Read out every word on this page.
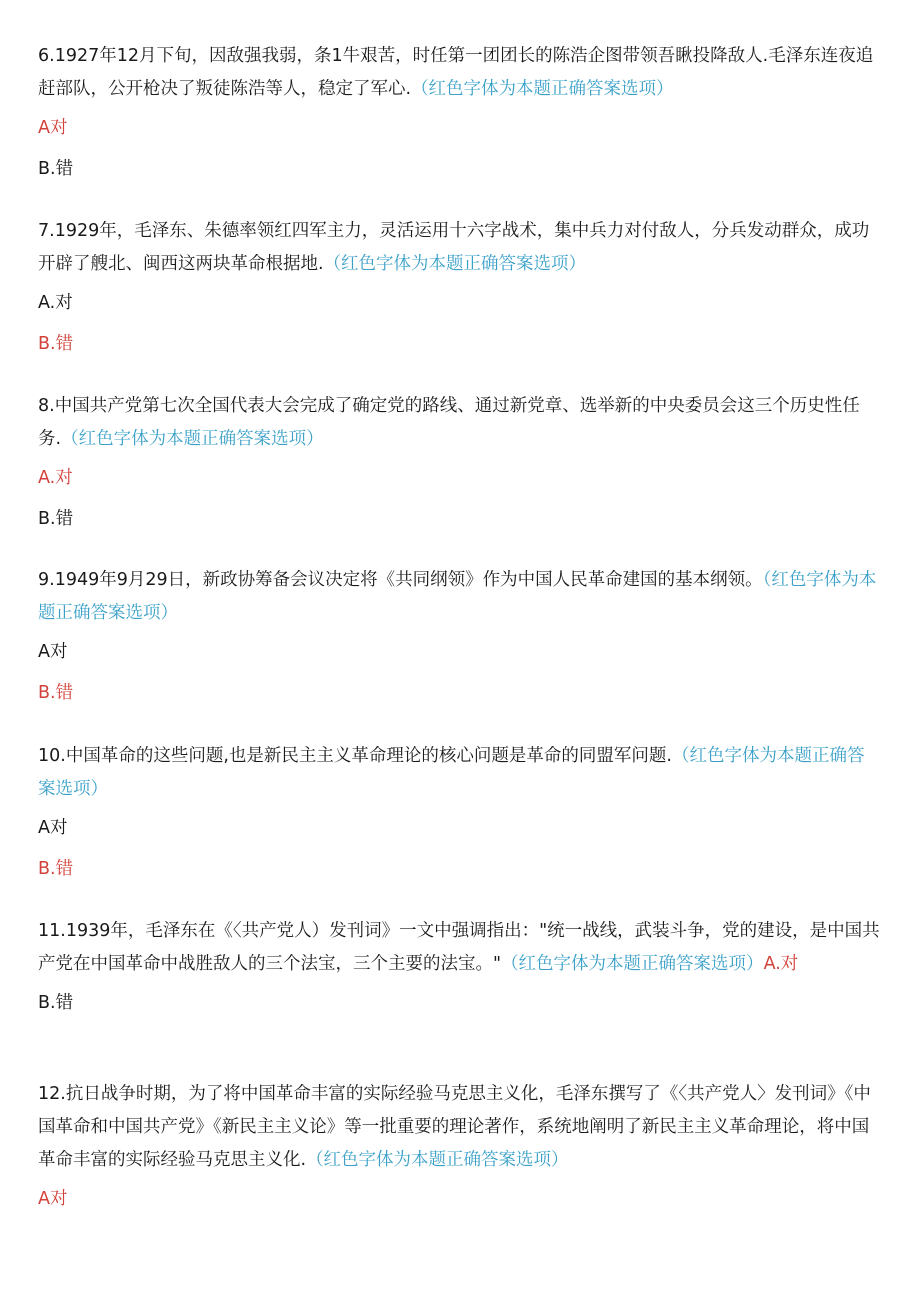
6.1927年12月下旬，因敌强我弱，条1牛艰苦，时任第一团团长的陈浩企图带领吾瞅投降敌人.毛泽东连夜追赶部队，公开枪决了叛徒陈浩等人，稳定了军心.（红色字体为本题正确答案选项）

A对

B.错

7.1929年，毛泽东、朱德率领红四军主力，灵活运用十六字战术，集中兵力对付敌人，分兵发动群众，成功开辟了艘北、闽西这两块革命根据地.（红色字体为本题正确答案选项）

A.对

B.错

8.中国共产党第七次全国代表大会完成了确定党的路线、通过新党章、选举新的中央委员会这三个历史性任务.（红色字体为本题正确答案选项）

A.对

B.错

9.1949年9月29日，新政协筹备会议决定将《共同纲领》作为中国人民革命建国的基本纲领。（红色字体为本题正确答案选项）

A对

B.错

10.中国革命的这些问题,也是新民主主义革命理论的核心问题是革命的同盟军问题.（红色字体为本题正确答案选项）

A对

B.错

11.1939年，毛泽东在《〈共产党人）发刊词》一文中强调指出："统一战线，武装斗争，党的建设，是中国共产党在中国革命中战胜敌人的三个法宝，三个主要的法宝。"（红色字体为本题正确答案选项）A.对

B.错

12.抗日战争时期，为了将中国革命丰富的实际经验马克思主义化，毛泽东撰写了《〈共产党人〉发刊词》《中国革命和中国共产党》《新民主主义论》等一批重要的理论著作，系统地阐明了新民主主义革命理论，将中国革命丰富的实际经验马克思主义化.（红色字体为本题正确答案选项）

A对
